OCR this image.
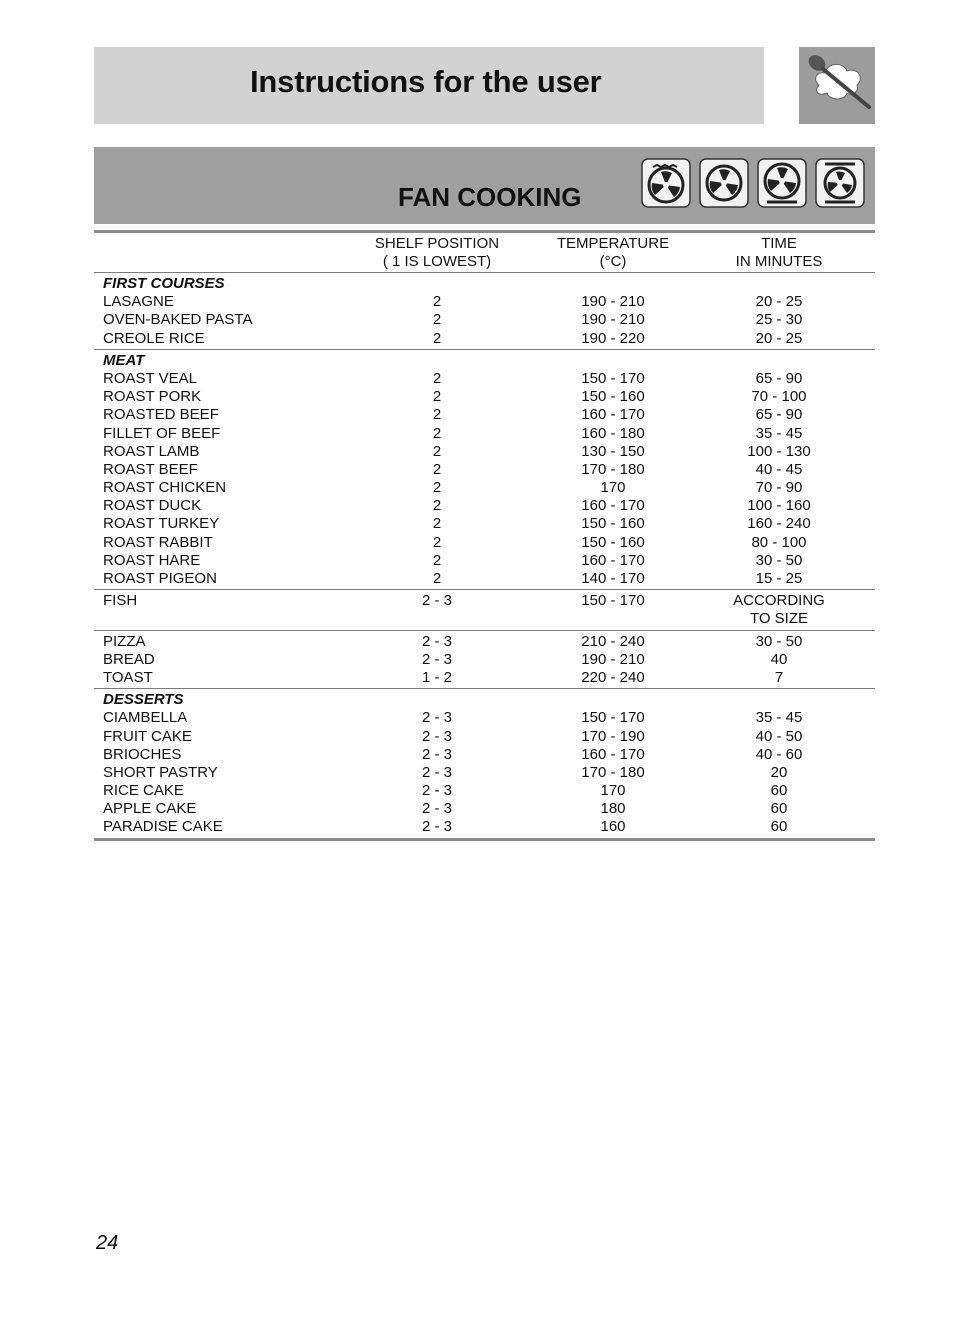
Instructions for the user
FAN COOKING
SHELF POSITION
( 1 IS LOWEST)
TEMPERATURE
(°C)
TIME
IN MINUTES
FIRST COURSES
LASAGNE	2	190 - 210	20 - 25
OVEN-BAKED PASTA	2	190 - 210	25 - 30
CREOLE RICE	2	190 - 220	20 - 25
MEAT
ROAST VEAL	2	150 - 170	65 - 90
ROAST PORK	2	150 - 160	70 - 100
ROASTED BEEF	2	160 - 170	65 - 90
FILLET OF BEEF	2	160 - 180	35 - 45
ROAST LAMB	2	130 - 150	100 - 130
ROAST BEEF	2	170 - 180	40 - 45
ROAST CHICKEN	2	170	70 - 90
ROAST DUCK	2	160 - 170	100 - 160
ROAST TURKEY	2	150 - 160	160 - 240
ROAST RABBIT	2	150 - 160	80 - 100
ROAST HARE	2	160 - 170	30 - 50
ROAST PIGEON	2	140 - 170	15 - 25
FISH	2 - 3	150 - 170	ACCORDING
TO SIZE
PIZZA	2 - 3	210 - 240	30 - 50
BREAD	2 - 3	190 - 210	40
TOAST	1 - 2	220 - 240	7
DESSERTS
CIAMBELLA	2 - 3	150 - 170	35 - 45
FRUIT CAKE	2 - 3	170 - 190	40 - 50
BRIOCHES	2 - 3	160 - 170	40 - 60
SHORT PASTRY	2 - 3	170 - 180	20
RICE CAKE	2 - 3	170	60
APPLE CAKE	2 - 3	180	60
PARADISE CAKE	2 - 3	160	60
24
